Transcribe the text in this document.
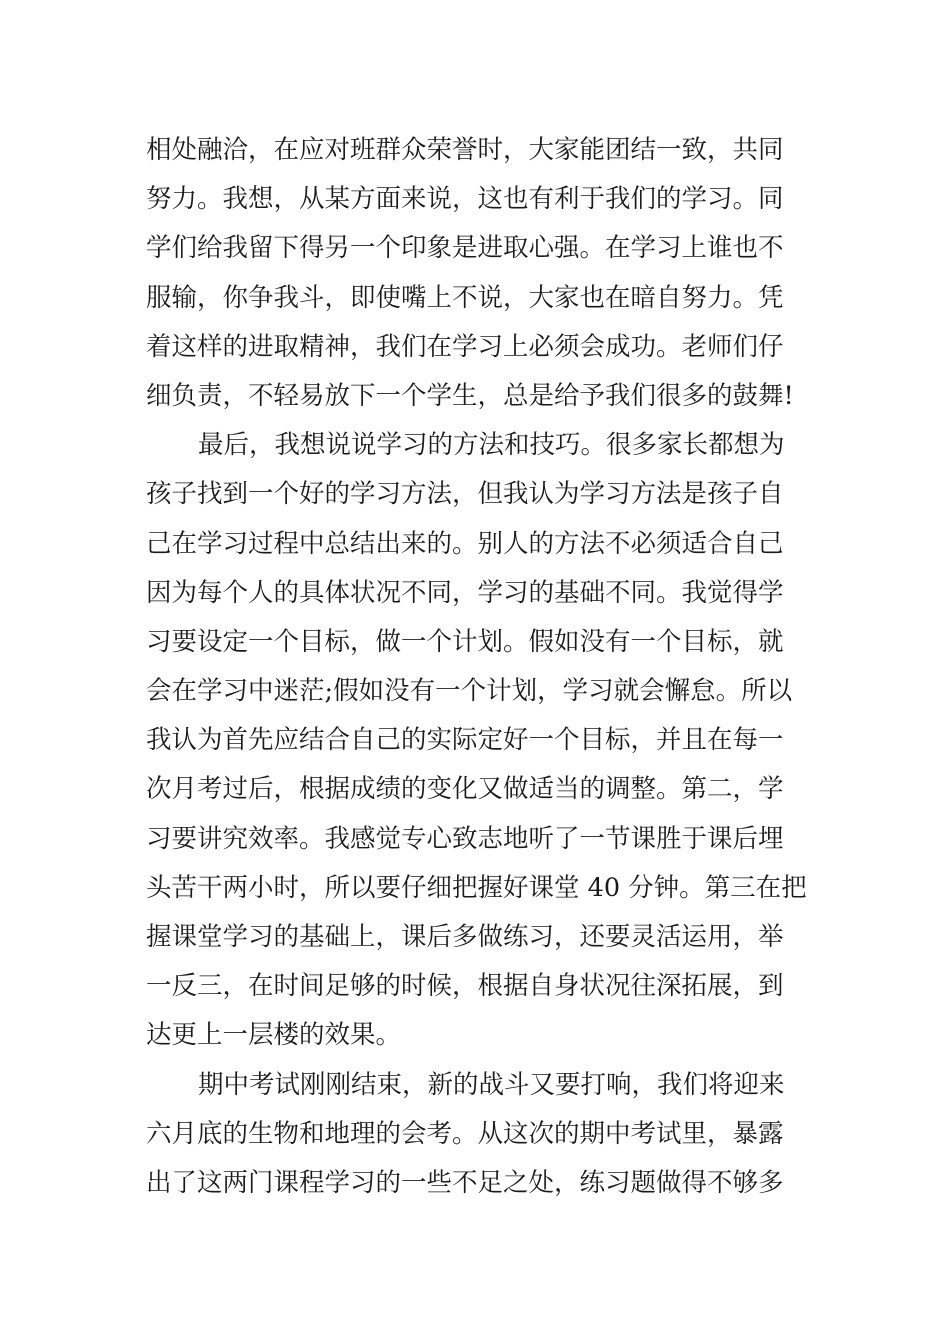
相处融洽，在应对班群众荣誉时，大家能团结一致，共同
努力。我想，从某方面来说，这也有利于我们的学习。同
学们给我留下得另一个印象是进取心强。在学习上谁也不
服输，你争我斗，即使嘴上不说，大家也在暗自努力。凭
着这样的进取精神，我们在学习上必须会成功。老师们仔
细负责，不轻易放下一个学生，总是给予我们很多的鼓舞!
最后，我想说说学习的方法和技巧。很多家长都想为
孩子找到一个好的学习方法，但我认为学习方法是孩子自
己在学习过程中总结出来的。别人的方法不必须适合自己
因为每个人的具体状况不同，学习的基础不同。我觉得学
习要设定一个目标，做一个计划。假如没有一个目标，就
会在学习中迷茫;假如没有一个计划，学习就会懈怠。所以
我认为首先应结合自己的实际定好一个目标，并且在每一
次月考过后，根据成绩的变化又做适当的调整。第二，学
习要讲究效率。我感觉专心致志地听了一节课胜于课后埋
头苦干两小时，所以要仔细把握好课堂 40 分钟。第三在把
握课堂学习的基础上，课后多做练习，还要灵活运用，举
一反三，在时间足够的时候，根据自身状况往深拓展，到
达更上一层楼的效果。
期中考试刚刚结束，新的战斗又要打响，我们将迎来
六月底的生物和地理的会考。从这次的期中考试里，暴露
出了这两门课程学习的一些不足之处，练习题做得不够多
